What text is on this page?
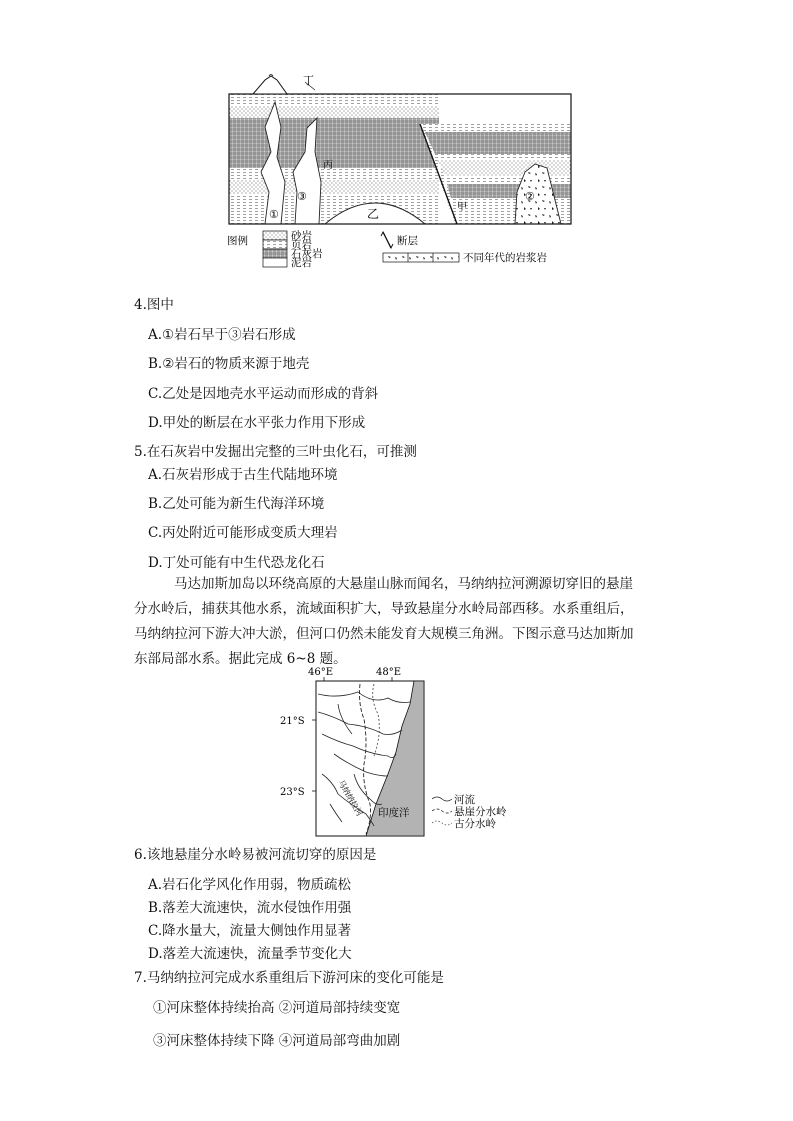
丁
①
③
丙
乙	甲
②
图例	砂岩
页岩
石灰岩
泥岩
断层
不同年代的岩浆岩
4.图中
A.①岩石早于③岩石形成
B.②岩石的物质来源于地壳
C.乙处是因地壳水平运动而形成的背斜
D.甲处的断层在水平张力作用下形成
5.在石灰岩中发掘出完整的三叶虫化石，可推测
A.石灰岩形成于古生代陆地环境
B.乙处可能为新生代海洋环境
C.丙处附近可能形成变质大理岩
D.丁处可能有中生代恐龙化石

马达加斯加岛以环绕高原的大悬崖山脉而闻名，马纳纳拉河溯源切穿旧的悬崖

分水岭后，捕获其他水系，流域面积扩大，导致悬崖分水岭局部西移。水系重组后，

马纳纳拉河下游大冲大淤，但河口仍然未能发育大规模三角洲。下图示意马达加斯加

东部局部水系。据此完成 6~8 题。

46°E	48°E
21°S
23°S
印度洋
马纳纳拉河	河流
悬崖分水岭
古分水岭
6.该地悬崖分水岭易被河流切穿的原因是
A.岩石化学风化作用弱，物质疏松
B.落差大流速快，流水侵蚀作用强
C.降水量大，流量大侧蚀作用显著
D.落差大流速快，流量季节变化大
7.马纳纳拉河完成水系重组后下游河床的变化可能是
①河床整体持续抬高 ②河道局部持续变宽
③河床整体持续下降 ④河道局部弯曲加剧
